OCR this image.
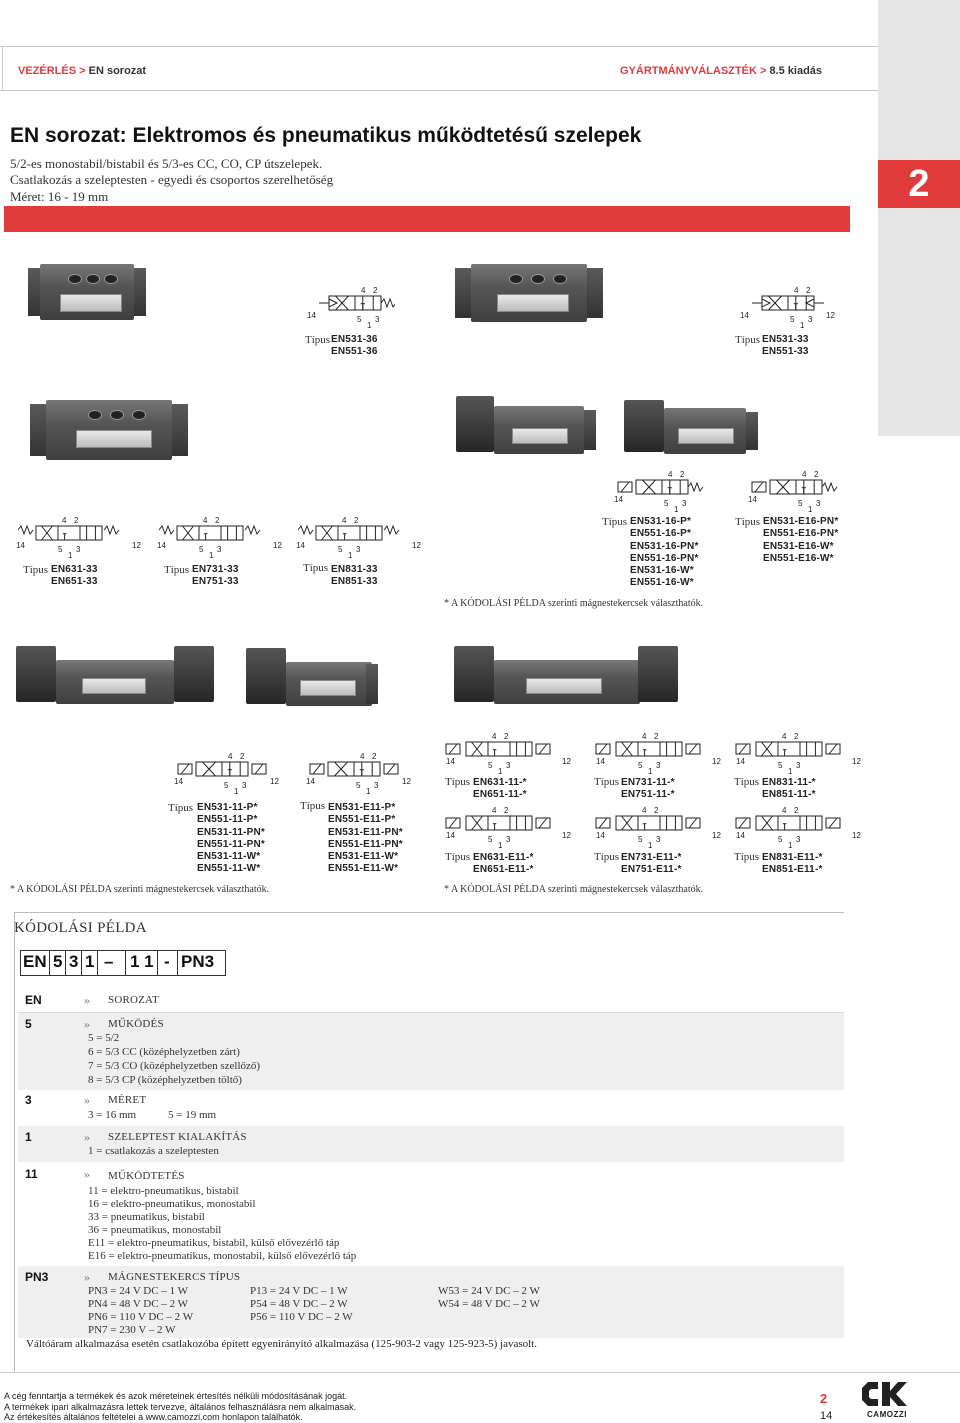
VEZÉRLÉS > EN sorozat	GYÁRTMÁNYVÁLASZTÉK > 8.5 kiadás
2
EN sorozat: Elektromos és pneumatikus működtetésű szelepek
5/2-es monostabil/bistabil és 5/3-es CC, CO, CP útszelepek.
Csatlakozás a szeleptesten - egyedi és csoportos szerelhetőség
Méret: 16 - 19 mm
4 2
5
1
3
14
4 2
5
1
3
14	12
4 2
5
1
3
14	12
4 2
5
1
3
14	12
4 2
5
1
3
14	12
4 2
5
1
3
14
4 2
5
1
3
14
4 2
5
1
3
14	12
4 2
5
1
3
14	12
4 2
5
1
3
14	12
4 2
5
1
3
14	12
4 2
5
1
3
14	12
4 2
5
1
3
14	12
4 2
5
1
3
14	12
4 2
5
1
3
14	12
Típus EN531-36
EN551-36
Típus EN531-33
EN551-33
Típus EN631-33
EN651-33
Típus EN731-33
EN751-33
Típus EN831-33
EN851-33
Típus EN531-16-P*
EN551-16-P*
EN531-16-PN*
EN551-16-PN*
EN531-16-W*
EN551-16-W*
Típus EN531-E16-PN*
EN551-E16-PN*
EN531-E16-W*
EN551-E16-W*
* A KÓDOLÁSI PÉLDA szerinti mágnestekercsek választhatók.
Típus EN531-11-P*
EN551-11-P*
EN531-11-PN*
EN551-11-PN*
EN531-11-W*
EN551-11-W*
Típus EN531-E11-P*
EN551-E11-P*
EN531-E11-PN*
EN551-E11-PN*
EN531-E11-W*
EN551-E11-W*
Típus EN631-11-*
EN651-11-*
Típus EN731-11-*
EN751-11-*
Típus EN831-11-*
EN851-11-*
Típus EN631-E11-*
EN651-E11-*
Típus EN731-E11-*
EN751-E11-*
Típus EN831-E11-*
EN851-E11-*
* A KÓDOLÁSI PÉLDA szerinti mágnestekercsek választhatók.	* A KÓDOLÁSI PÉLDA szerinti mágnestekercsek választhatók.
KÓDOLÁSI PÉLDA
EN 5 3 1 – 1 1 - PN3
EN	» SOROZAT
5	» MŰKÖDÉS
5 = 5/2
6 = 5/3 CC (középhelyzetben zárt)
7 = 5/3 CO (középhelyzetben szellőző)
8 = 5/3 CP (középhelyzetben töltő)
3	» MÉRET
3 = 16 mm	5 = 19 mm
1	» SZELEPTEST KIALAKÍTÁS
1 = csatlakozás a szeleptesten
11	» MŰKÖDTETÉS
11 = elektro-pneumatikus, bistabil
16 = elektro-pneumatikus, monostabil
33 = pneumatikus, bistabil
36 = pneumatikus, monostabil
E11 = elektro-pneumatikus, bistabil, külső elővezérlő táp
E16 = elektro-pneumatikus, monostabil, külső elővezérlő táp
PN3	» MÁGNESTEKERCS TÍPUS
PN3 = 24 V DC – 1 W
PN4 = 48 V DC – 2 W
PN6 = 110 V DC – 2 W
PN7 = 230 V – 2 W
P13 = 24 V DC – 1 W
P54 = 48 V DC – 2 W
P56 = 110 V DC – 2 W
W53 = 24 V DC – 2 W
W54 = 48 V DC – 2 W
Váltóáram alkalmazása esetén csatlakozóba épített egyenirányító alkalmazása (125-903-2 vagy 125-923-5) javasolt.
A cég fenntartja a termékek és azok méreteinek értesítés nélküli módosításának jogát.
A termékek ipari alkalmazásra lettek tervezve, általános felhasználásra nem alkalmasak.
Az értékesítés általános feltételei a www.camozzi.com honlapon találhatók.
2
14	CAMOZZI
